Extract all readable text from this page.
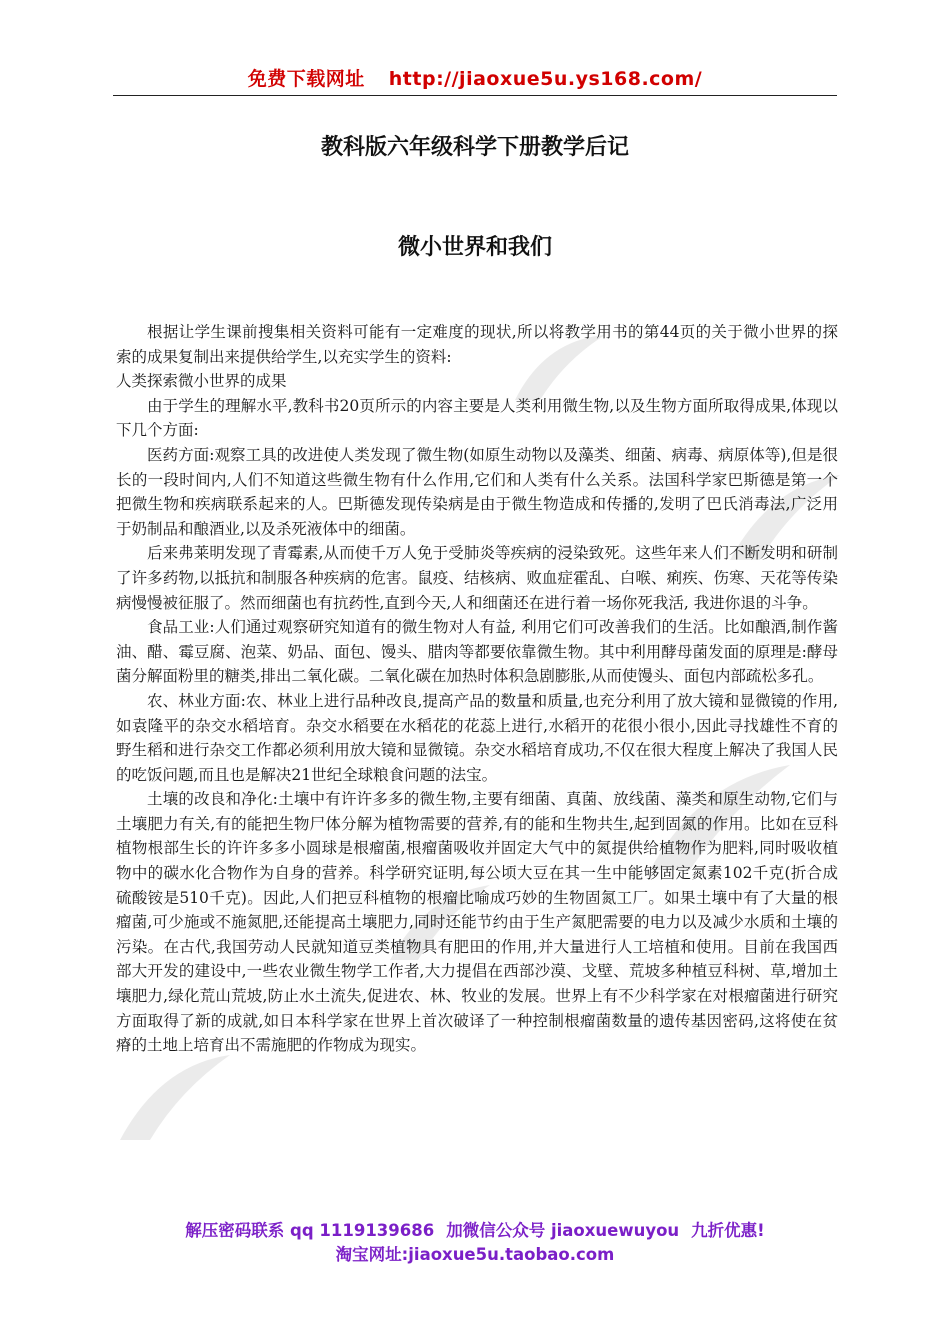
免费下载网址 http://jiaoxue5u.ys168.com/
教科版六年级科学下册教学后记
微小世界和我们

根据让学生课前搜集相关资料可能有一定难度的现状,所以将教学用书的第44页的关于微小世界的探索的成果复制出来提供给学生,以充实学生的资料:

人类探索微小世界的成果

由于学生的理解水平,教科书20页所示的内容主要是人类利用微生物,以及生物方面所取得成果,体现以下几个方面:

医药方面:观察工具的改进使人类发现了微生物(如原生动物以及藻类、细菌、病毒、病原体等),但是很长的一段时间内,人们不知道这些微生物有什么作用,它们和人类有什么关系。法国科学家巴斯德是第一个把微生物和疾病联系起来的人。巴斯德发现传染病是由于微生物造成和传播的,发明了巴氏消毒法,广泛用于奶制品和酿酒业,以及杀死液体中的细菌。

后来弗莱明发现了青霉素,从而使千万人免于受肺炎等疾病的浸染致死。这些年来人们不断发明和研制了许多药物,以抵抗和制服各种疾病的危害。鼠疫、结核病、败血症霍乱、白喉、痢疾、伤寒、天花等传染病慢慢被征服了。然而细菌也有抗药性,直到今天,人和细菌还在进行着一场你死我活, 我进你退的斗争。

食品工业:人们通过观察研究知道有的微生物对人有益, 利用它们可改善我们的生活。比如酿酒,制作酱油、醋、霉豆腐、泡菜、奶品、面包、馒头、腊肉等都要依靠微生物。其中利用酵母菌发面的原理是:酵母菌分解面粉里的糖类,排出二氧化碳。二氧化碳在加热时体积急剧膨胀,从而使馒头、面包内部疏松多孔。

农、林业方面:农、林业上进行品种改良,提高产品的数量和质量,也充分利用了放大镜和显微镜的作用,如袁隆平的杂交水稻培育。杂交水稻要在水稻花的花蕊上进行,水稻开的花很小很小,因此寻找雄性不育的野生稻和进行杂交工作都必须利用放大镜和显微镜。杂交水稻培育成功,不仅在很大程度上解决了我国人民的吃饭问题,而且也是解决21世纪全球粮食问题的法宝。

土壤的改良和净化:土壤中有许许多多的微生物,主要有细菌、真菌、放线菌、藻类和原生动物,它们与土壤肥力有关,有的能把生物尸体分解为植物需要的营养,有的能和生物共生,起到固氮的作用。比如在豆科植物根部生长的许许多多小圆球是根瘤菌,根瘤菌吸收并固定大气中的氮提供给植物作为肥料,同时吸收植物中的碳水化合物作为自身的营养。科学研究证明,每公顷大豆在其一生中能够固定氮素102千克(折合成硫酸铵是510千克)。因此,人们把豆科植物的根瘤比喻成巧妙的生物固氮工厂。如果土壤中有了大量的根瘤菌,可少施或不施氮肥,还能提高土壤肥力,同时还能节约由于生产氮肥需要的电力以及减少水质和土壤的污染。在古代,我国劳动人民就知道豆类植物具有肥田的作用,并大量进行人工培植和使用。目前在我国西部大开发的建设中,一些农业微生物学工作者,大力提倡在西部沙漠、戈壁、荒坡多种植豆科树、草,增加土壤肥力,绿化荒山荒坡,防止水土流失,促进农、林、牧业的发展。世界上有不少科学家在对根瘤菌进行研究方面取得了新的成就,如日本科学家在世界上首次破译了一种控制根瘤菌数量的遗传基因密码,这将使在贫瘠的土地上培育出不需施肥的作物成为现实。

解压密码联系 qq 1119139686 加微信公众号 jiaoxuewuyou 九折优惠!
淘宝网址:jiaoxue5u.taobao.com
